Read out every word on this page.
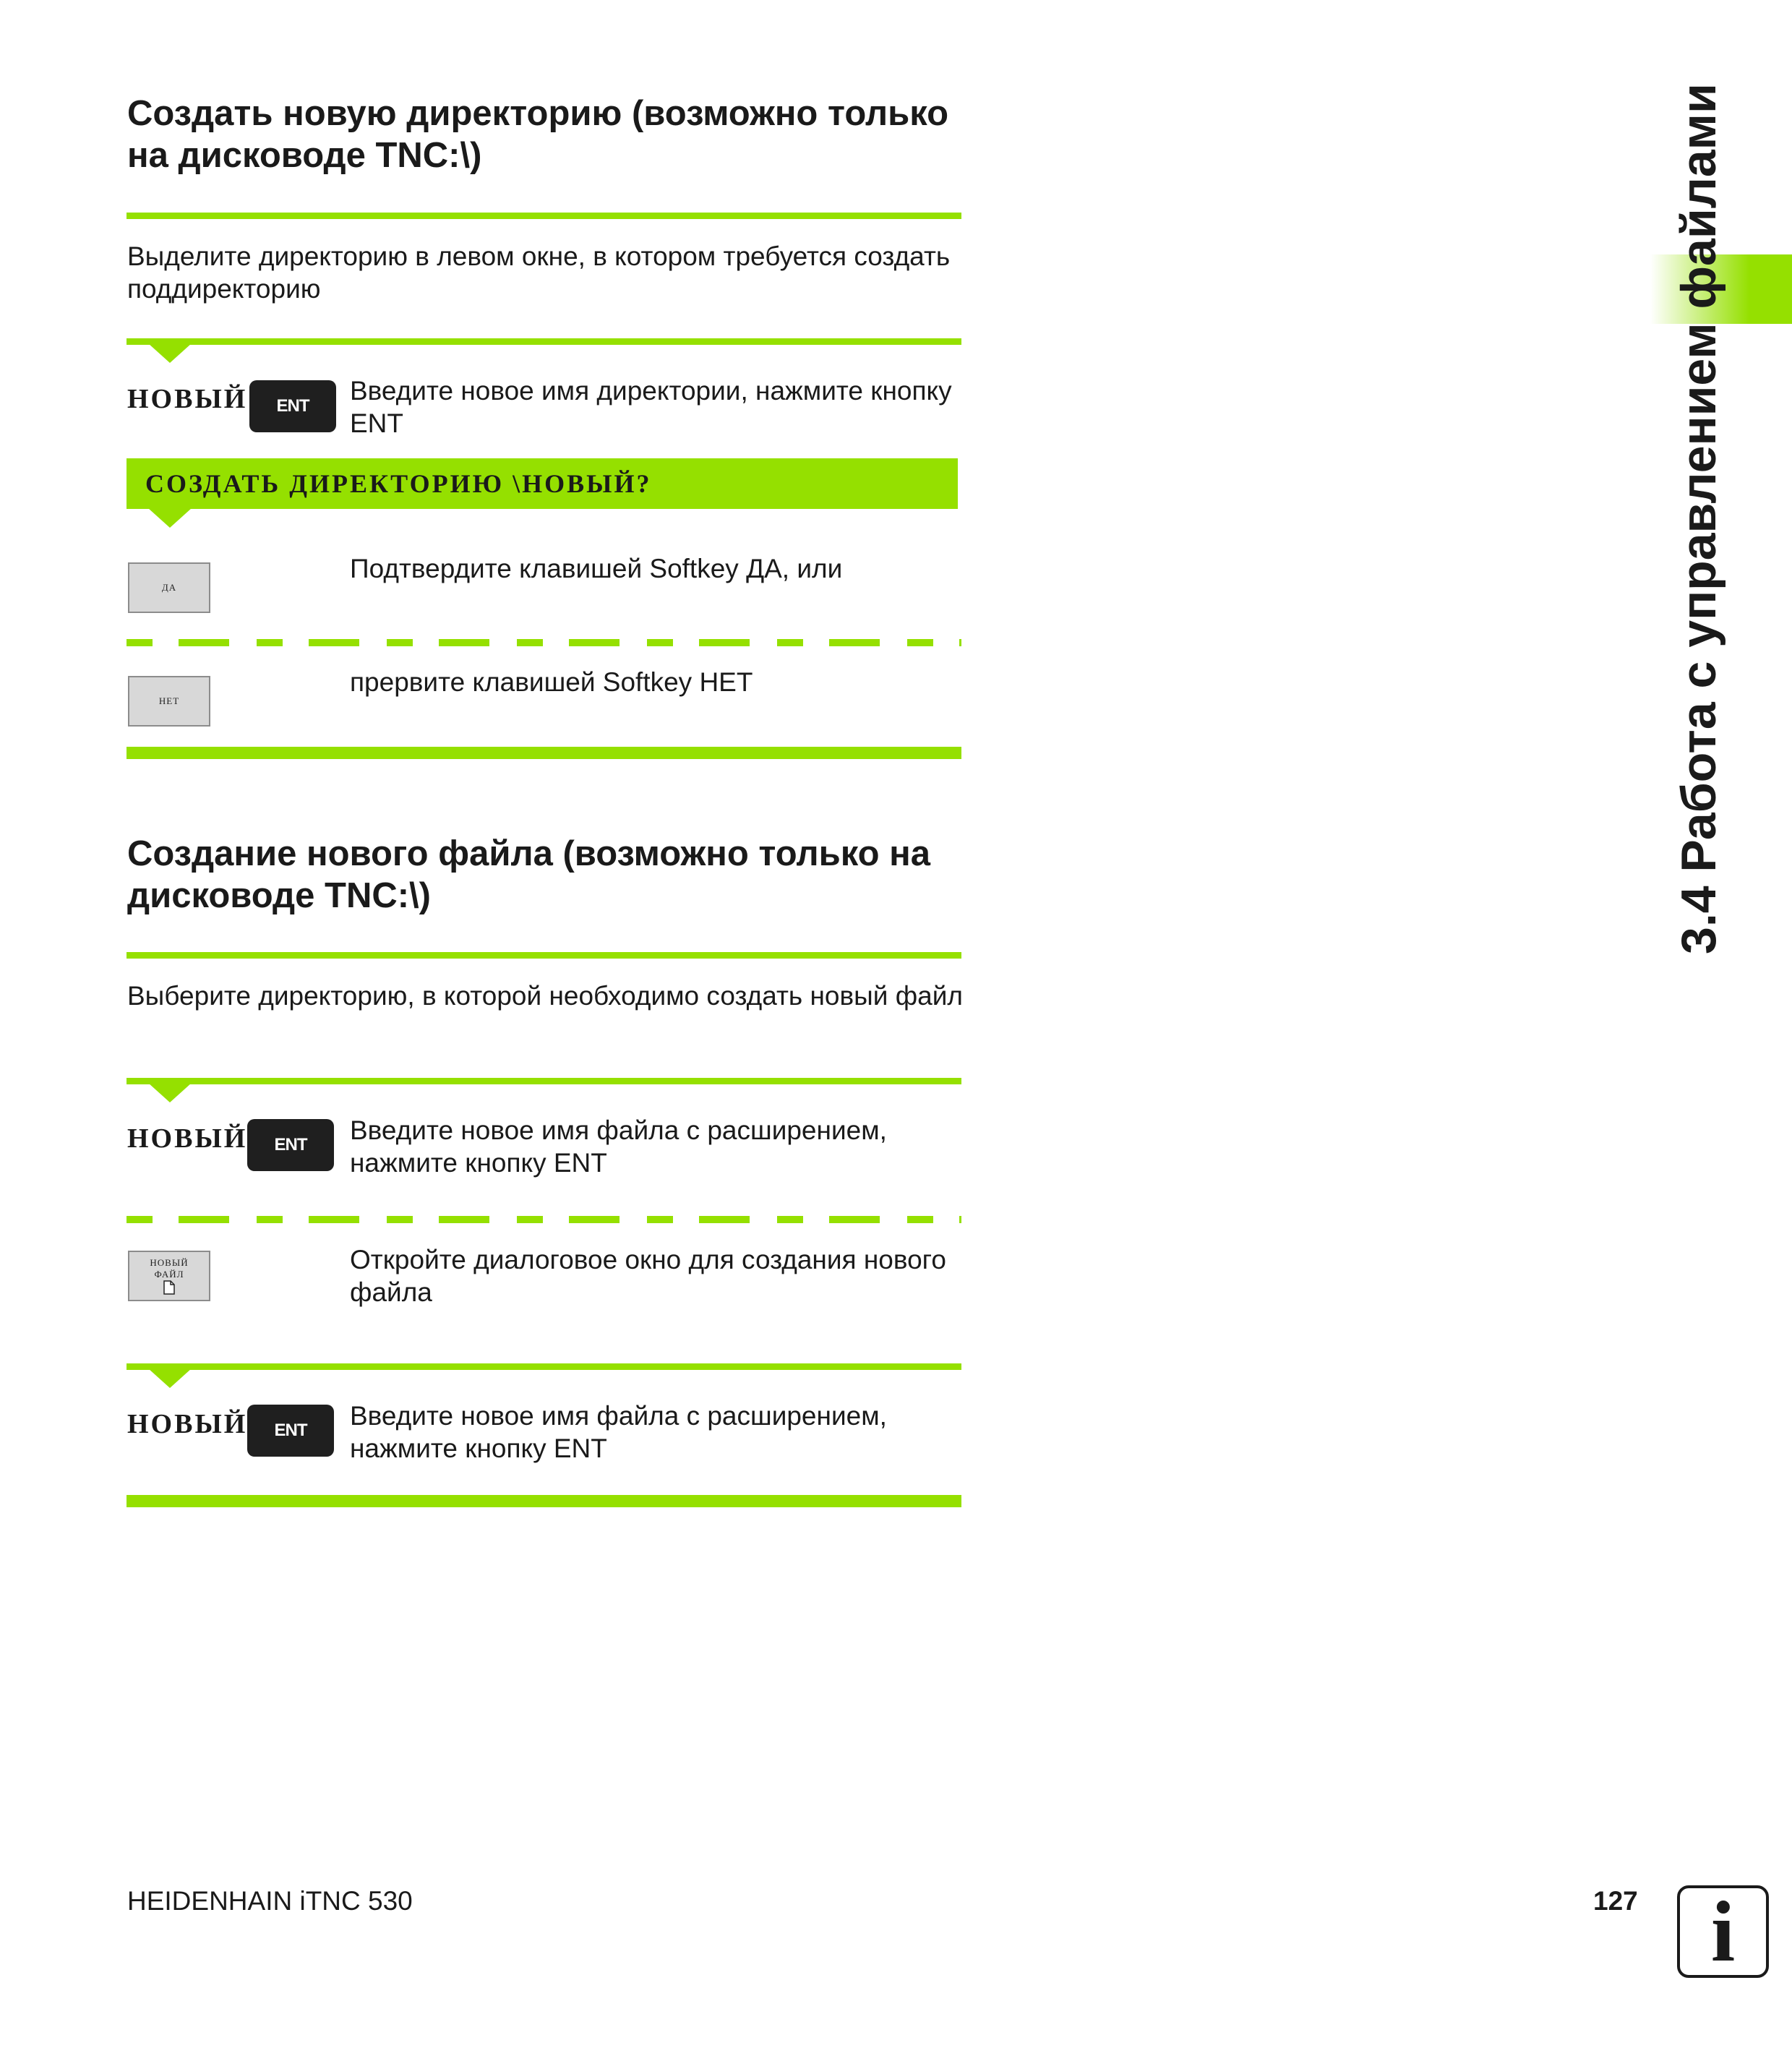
3.4 Работа с управлением файлами
Создать новую директорию (возможно только на дисководе TNC:\)
Выделите директорию в левом окне, в котором требуется создать поддиректорию
НОВЫЙ	ENT
Введите новое имя директории, нажмите кнопку ENT
СОЗДАТЬ ДИРЕКТОРИЮ \НОВЫЙ?
ДА
Подтвердите клавишей Softkey ДА, или
НЕТ
прервите клавишей Softkey НЕТ
Создание нового файла (возможно только на дисководе TNC:\)
Выберите директорию, в которой необходимо создать новый файл
НОВЫЙ	ENT	Введите новое имя файла с расширением, нажмите кнопку ENT
НОВЫЙ
ФАЙЛ	Откройте диалоговое окно для создания нового файла
НОВЫЙ	ENT	Введите новое имя файла с расширением, нажмите кнопку ENT
HEIDENHAIN iTNC 530	127 i
